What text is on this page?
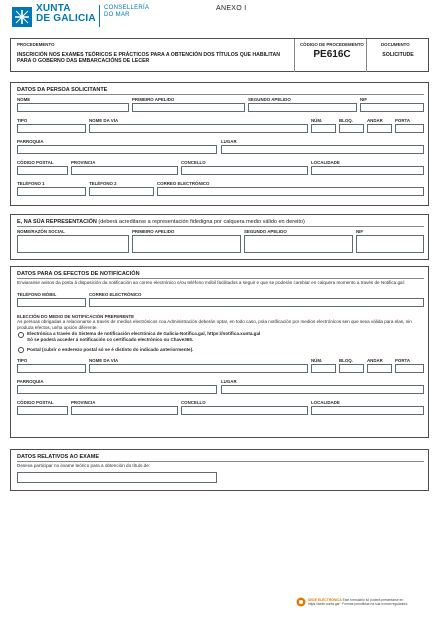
XUNTA
DE GALICIA
CONSELLERÍA
DO MAR
ANEXO I
PROCEDEMENTO
INSCRICIÓN NOS EXAMES TEÓRICOS E PRÁCTICOS PARA A OBTENCIÓN DOS TÍTULOS QUE HABILITAN PARA O GOBERNO DAS EMBARCACIÓNS DE LECER
CÓDIGO DE PROCEDEMENTO
PE616C
DOCUMENTO
SOLICITUDE
DATOS DA PERSOA SOLICITANTE
NOME	PRIMEIRO APELIDO	SEGUNDO APELIDO	NIF
TIPO	NOME DA VÍA	NÚM.	BLOQ.	ANDAR	PORTA
PARROQUIA	LUGAR
CÓDIGO POSTAL	PROVINCIA	CONCELLO	LOCALIDADE
TELÉFONO 1	TELÉFONO 2	CORREO ELECTRÓNICO
E, NA SÚA REPRESENTACIÓN (deberá acreditarse a representación fidedigna por calquera medio válido en dereito)
NOME/RAZÓN SOCIAL	PRIMEIRO APELIDO	SEGUNDO APELIDO	NIF
DATOS PARA OS EFECTOS DE NOTIFICACIÓN
Enviaranse avisos da posta á disposición da notificación ao correo electrónico e/ou teléfono móbil facilitados a seguir e que se poderán cambiar en calquera momento a través de Notifica.gal:
TELÉFONO MÓBIL	CORREO ELECTRÓNICO
ELECCIÓN DO MEDIO DE NOTIFICACIÓN PREFERENTE
As persoas obrigadas a relacionarse a través de medios electrónicos coa Administración deberán optar, en todo caso, pola notificación por medios electrónicos sen que sexa válida para elas, nin produza efectos, unha opción diferente.
Electrónica a través do Sistema de notificación electrónica de Galicia-Notifica.gal, https://notifica.xunta.gal
Só se poderá acceder á notificación co certificado electrónico ou Chave365.
Postal (cubrir o enderezo postal só se é distinto do indicado anteriormente).
TIPO	NOME DA VÍA	NÚM.	BLOQ.	ANDAR	PORTA
PARROQUIA	LUGAR
CÓDIGO POSTAL	PROVINCIA	CONCELLO	LOCALIDADE
DATOS RELATIVOS AO EXAME
Desexa participar no exame teórico para a obtención do título de:
SEDE ELECTRÓNICA Este formulario só poderá presentarse en https://sede.xunta.gal · Formas permitidas na súa norma reguladora
